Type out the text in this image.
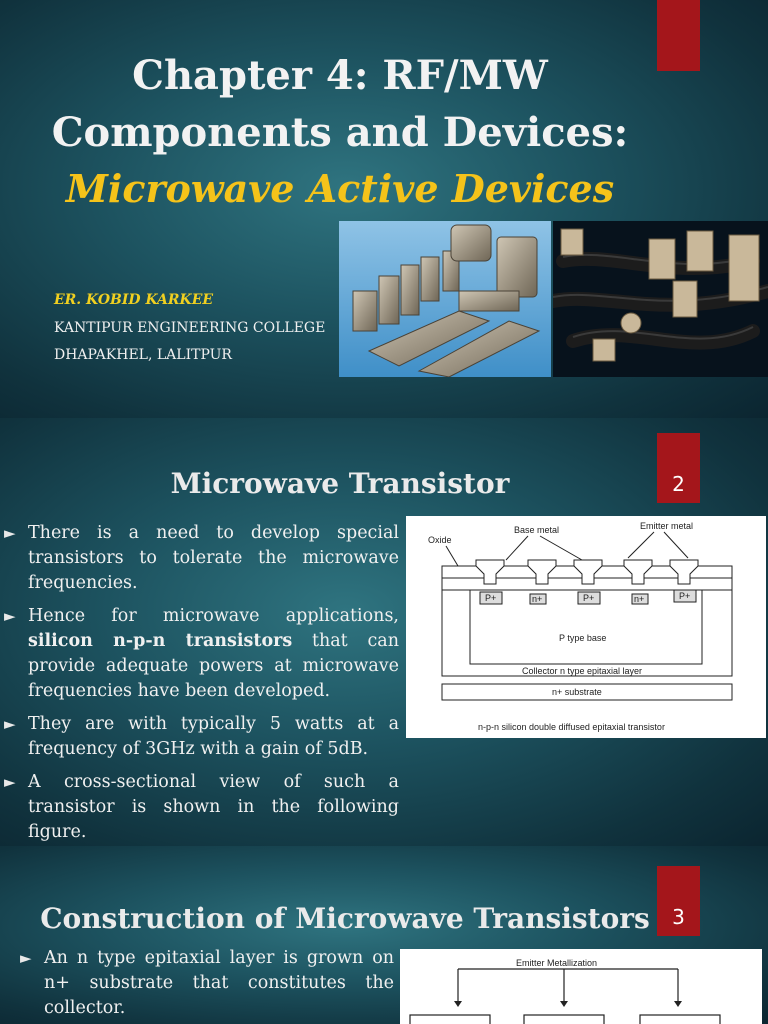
Chapter 4: RF/MW
Components and Devices:
Microwave Active Devices
ER. KOBID KARKEE
KANTIPUR ENGINEERING COLLEGE
DHAPAKHEL, LALITPUR
2
Microwave Transistor
► There is a need to develop special transistors to tolerate the microwave frequencies.
► Hence for microwave applications, silicon n-p-n transistors that can provide adequate powers at microwave frequencies have been developed.
► They are with typically 5 watts at a frequency of 3GHz with a gain of 5dB.
► A cross-sectional view of such a transistor is shown in the following figure.
Oxide
Base metal	Emitter metal
P+	n+	P+	n+	P+
P type base
Collector n type epitaxial layer
n+ substrate
n-p-n silicon double diffused epitaxial transistor
3
Construction of Microwave Transistors
► An n type epitaxial layer is grown on n+ substrate that constitutes the collector.
Emitter Metallization
